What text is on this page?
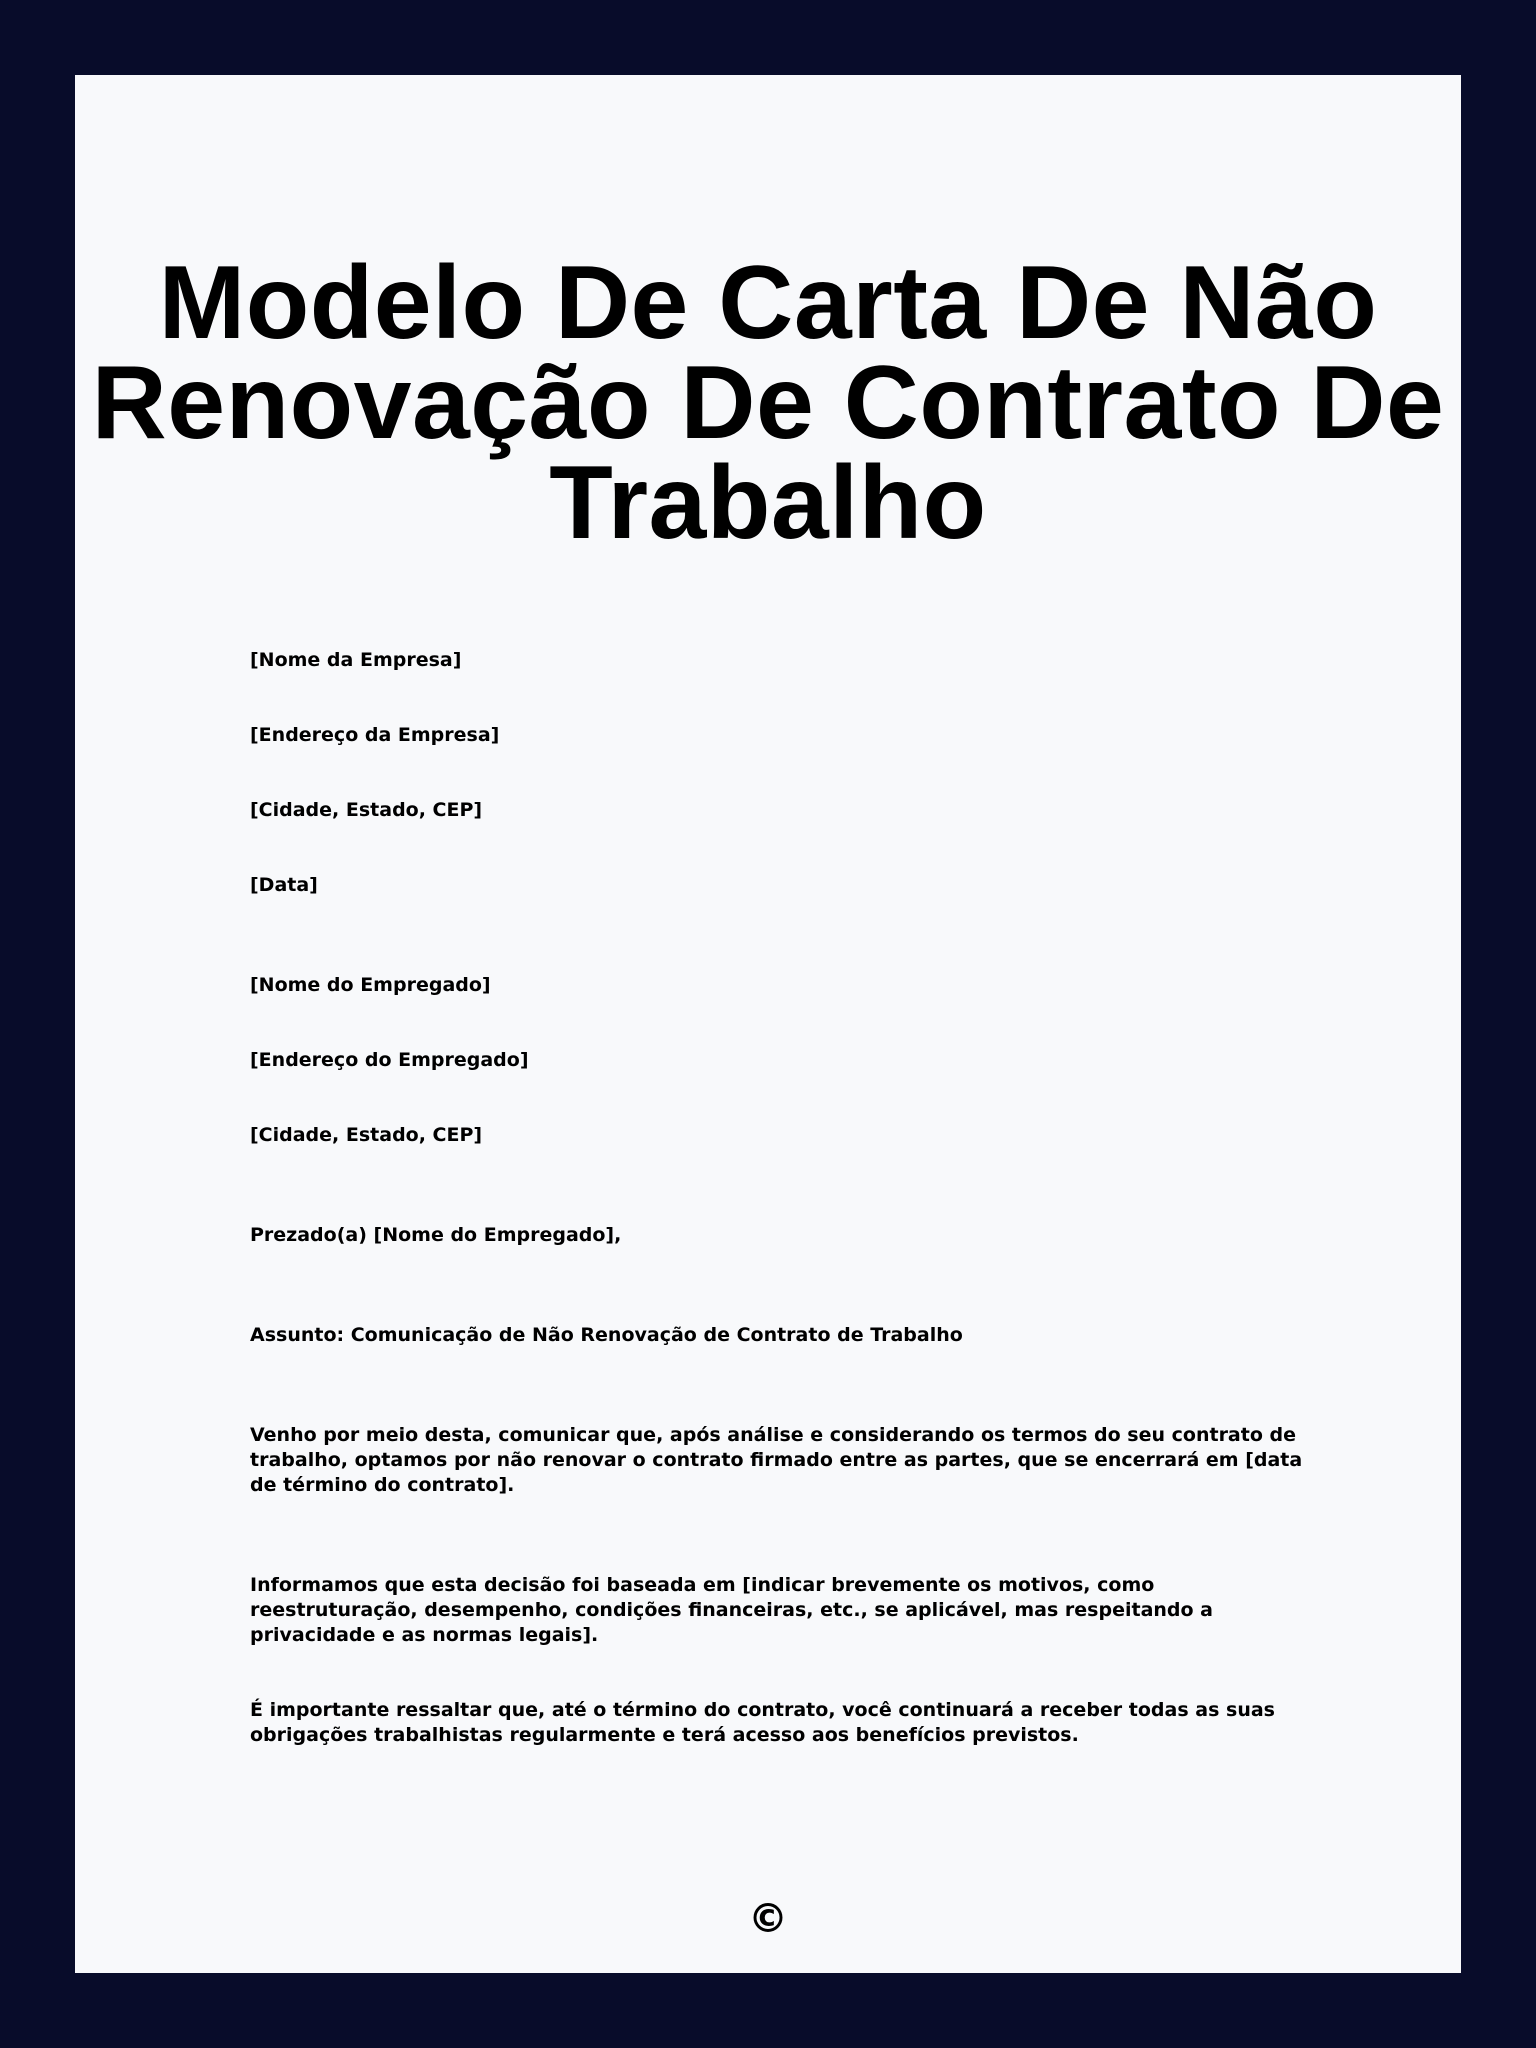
Modelo De Carta De Não Renovação De Contrato De Trabalho

[Nome da Empresa]

[Endereço da Empresa]

[Cidade, Estado, CEP]

[Data]

[Nome do Empregado]

[Endereço do Empregado]

[Cidade, Estado, CEP]

Prezado(a) [Nome do Empregado],

Assunto: Comunicação de Não Renovação de Contrato de Trabalho

Venho por meio desta, comunicar que, após análise e considerando os termos do seu contrato de trabalho, optamos por não renovar o contrato firmado entre as partes, que se encerrará em [data de término do contrato].

Informamos que esta decisão foi baseada em [indicar brevemente os motivos, como reestruturação, desempenho, condições financeiras, etc., se aplicável, mas respeitando a privacidade e as normas legais].

É importante ressaltar que, até o término do contrato, você continuará a receber todas as suas obrigações trabalhistas regularmente e terá acesso aos benefícios previstos.

©
